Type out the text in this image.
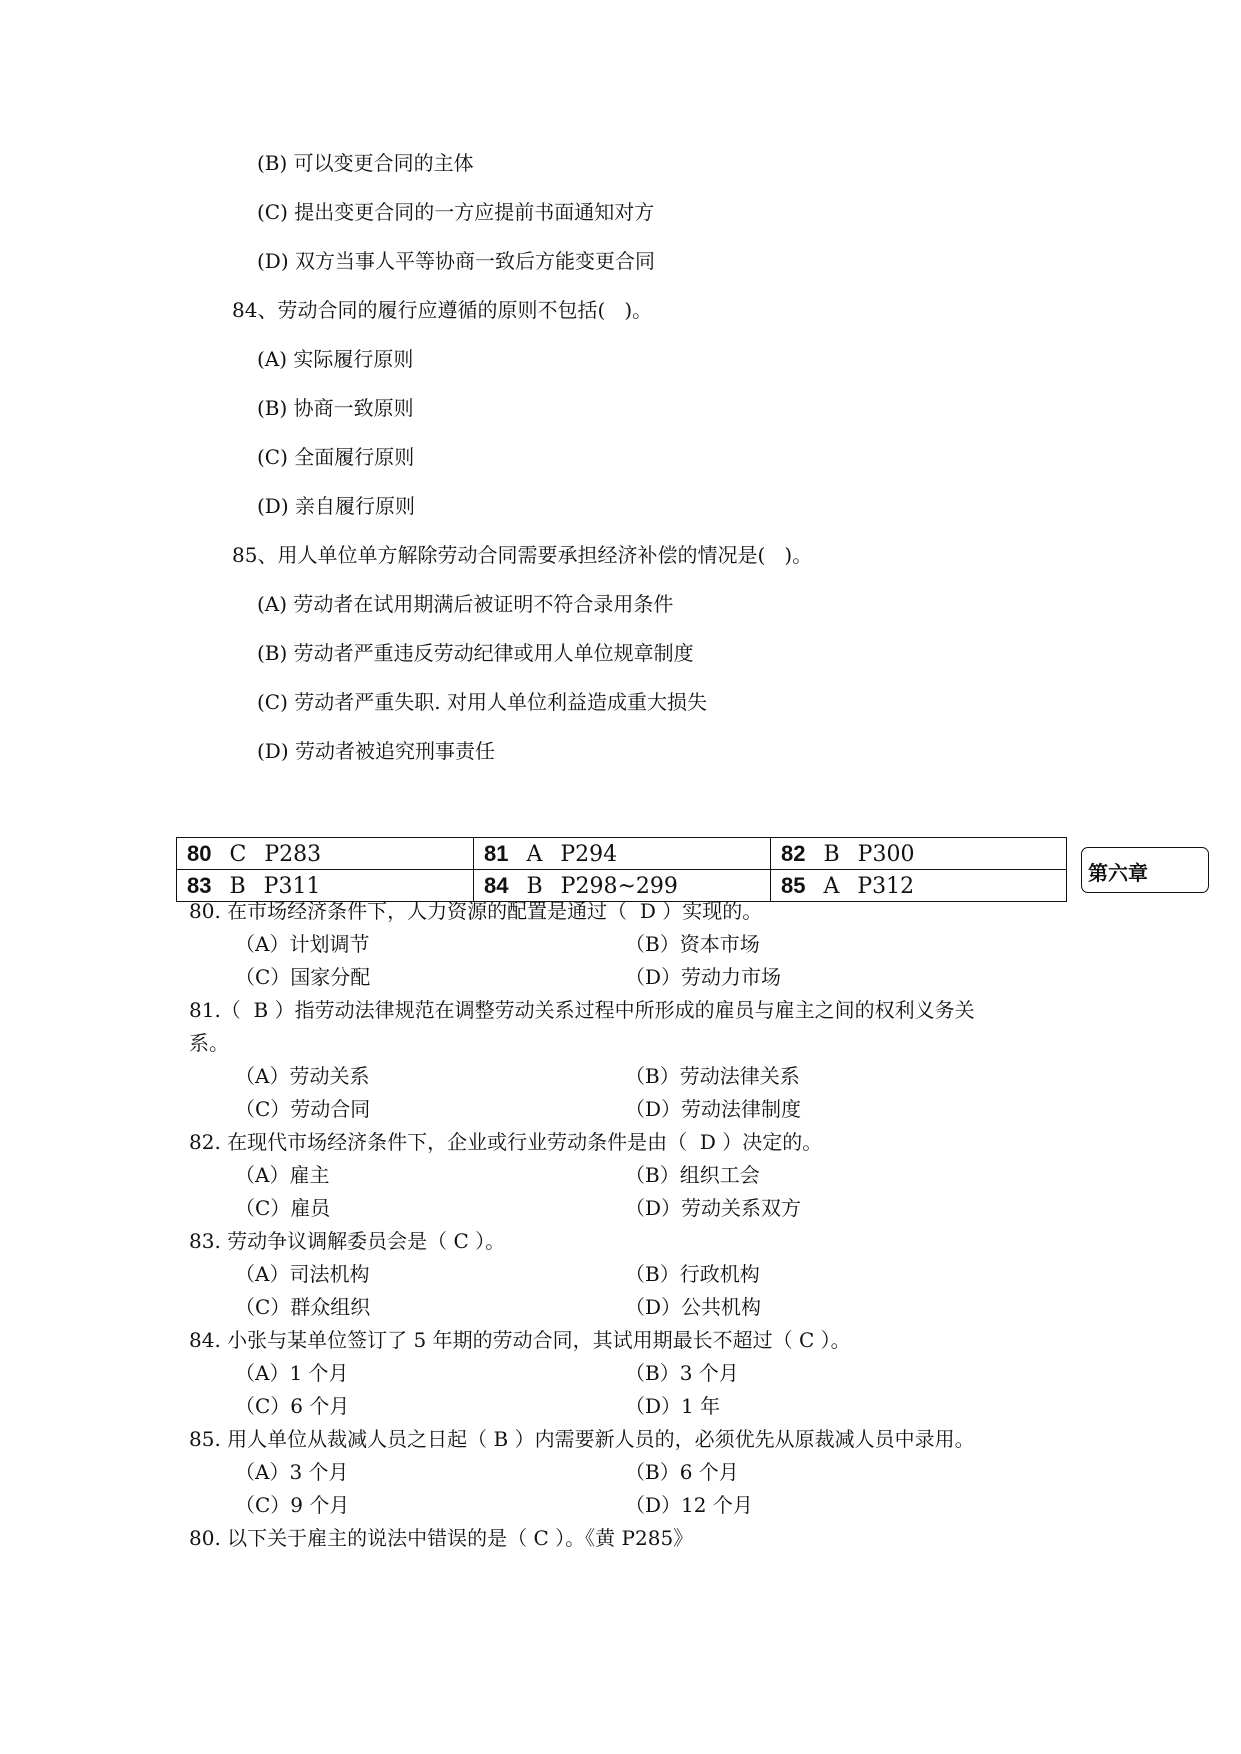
(B) 可以变更合同的主体
(C) 提出变更合同的一方应提前书面通知对方
(D) 双方当事人平等协商一致后方能变更合同
84、劳动合同的履行应遵循的原则不包括(   )。
(A) 实际履行原则
(B) 协商一致原则
(C) 全面履行原则
(D) 亲自履行原则
85、用人单位单方解除劳动合同需要承担经济补偿的情况是(   )。
(A) 劳动者在试用期满后被证明不符合录用条件
(B) 劳动者严重违反劳动纪律或用人单位规章制度
(C) 劳动者严重失职. 对用人单位利益造成重大损失
(D) 劳动者被追究刑事责任
80 C P283	81 A P294	82 B P300
83 B P311	84 B P298~299	85 A P312
第六章
80. 在市场经济条件下，人力资源的配置是通过（  D ）实现的。
（A）计划调节	（B）资本市场
（C）国家分配	（D）劳动力市场
81.（  B ）指劳动法律规范在调整劳动关系过程中所形成的雇员与雇主之间的权利义务关
系。
（A）劳动关系	（B）劳动法律关系
（C）劳动合同	（D）劳动法律制度
82. 在现代市场经济条件下，企业或行业劳动条件是由（  D ）决定的。
（A）雇主	（B）组织工会
（C）雇员	（D）劳动关系双方
83. 劳动争议调解委员会是（ C ）。
（A）司法机构	（B）行政机构
（C）群众组织	（D）公共机构
84. 小张与某单位签订了 5 年期的劳动合同，其试用期最长不超过（ C ）。
（A）1 个月	（B）3 个月
（C）6 个月	（D）1 年
85. 用人单位从裁减人员之日起（ B ）内需要新人员的，必须优先从原裁减人员中录用。
（A）3 个月	（B）6 个月
（C）9 个月	（D）12 个月
80. 以下关于雇主的说法中错误的是（ C ）。《黄 P285》
